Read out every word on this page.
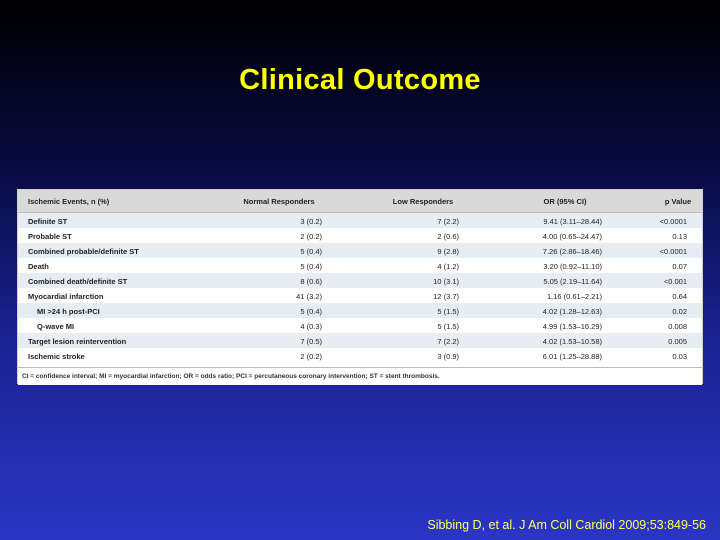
Clinical Outcome
Ischemic Events, n (%)	Normal Responders	Low Responders	OR (95% CI)	p Value
Definite ST	3 (0.2)	7 (2.2)	9.41 (3.11–28.44)	<0.0001
Probable ST	2 (0.2)	2 (0.6)	4.00 (0.65–24.47)	0.13
Combined probable/definite ST	5 (0.4)	9 (2.8)	7.26 (2.86–18.46)	<0.0001
Death	5 (0.4)	4 (1.2)	3.20 (0.92–11.10)	0.07
Combined death/definite ST	8 (0.6)	10 (3.1)	5.05 (2.19–11.64)	<0.001
Myocardial infarction	41 (3.2)	12 (3.7)	1.16 (0.61–2.21)	0.64
MI >24 h post-PCI	5 (0.4)	5 (1.5)	4.02 (1.28–12.63)	0.02
Q-wave MI	4 (0.3)	5 (1.5)	4.99 (1.53–16.29)	0.008
Target lesion reintervention	7 (0.5)	7 (2.2)	4.02 (1.53–10.58)	0.005
Ischemic stroke	2 (0.2)	3 (0.9)	6.01 (1.25–28.88)	0.03
CI = confidence interval; MI = myocardial infarction; OR = odds ratio; PCI = percutaneous coronary intervention; ST = stent thrombosis.
Sibbing D, et al. J Am Coll Cardiol 2009;53:849-56
